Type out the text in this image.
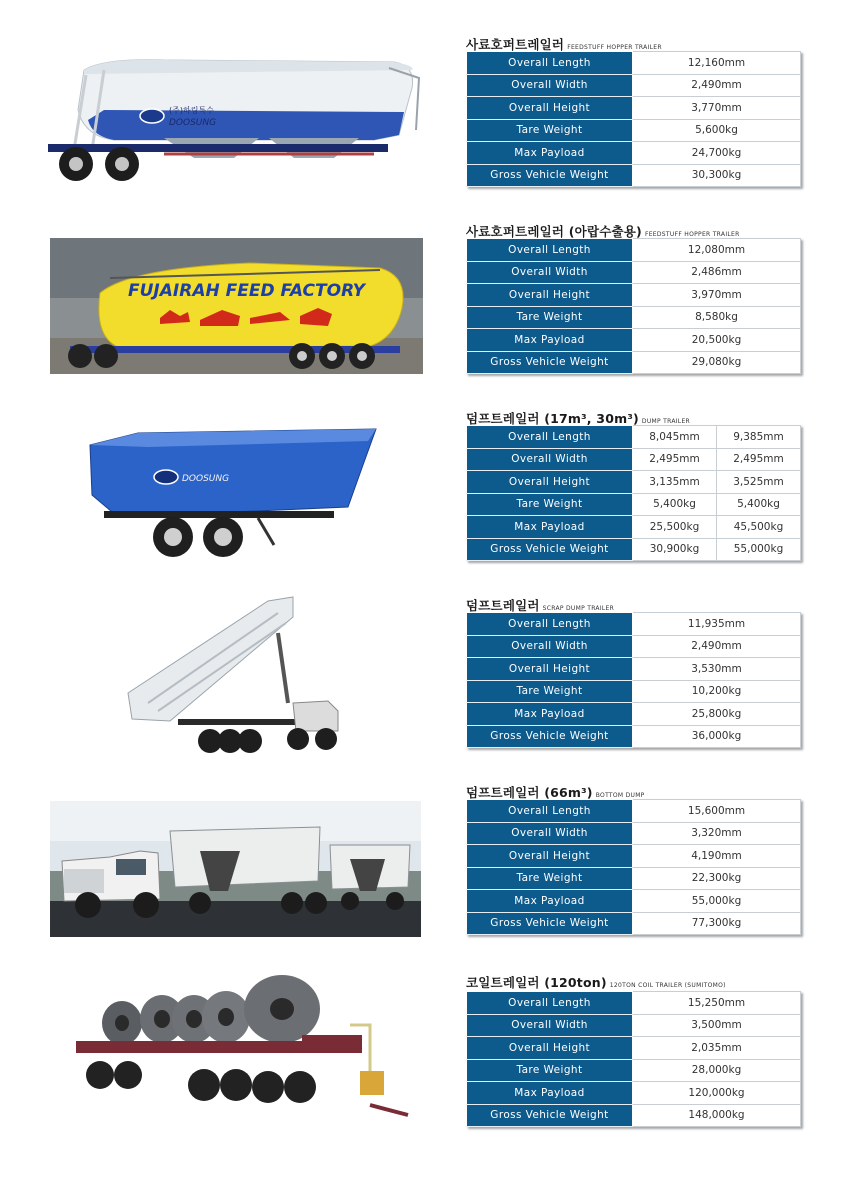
(주)하림특수
DOOSUNG
사료호퍼트레일러 FEEDSTUFF HOPPER TRAILER
Overall Length	12,160mm
Overall Width	2,490mm
Overall Height	3,770mm
Tare Weight	5,600kg
Max Payload	24,700kg
Gross Vehicle Weight	30,300kg
FUJAIRAH FEED FACTORY
사료호퍼트레일러 (아랍수출용) FEEDSTUFF HOPPER TRAILER
Overall Length	12,080mm
Overall Width	2,486mm
Overall Height	3,970mm
Tare Weight	8,580kg
Max Payload	20,500kg
Gross Vehicle Weight	29,080kg
DOOSUNG
덤프트레일러 (17m³, 30m³) DUMP TRAILER
Overall Length	8,045mm	9,385mm
Overall Width	2,495mm	2,495mm
Overall Height	3,135mm	3,525mm
Tare Weight	5,400kg	5,400kg
Max Payload	25,500kg	45,500kg
Gross Vehicle Weight	30,900kg	55,000kg
덤프트레일러 SCRAP DUMP TRAILER
Overall Length	11,935mm
Overall Width	2,490mm
Overall Height	3,530mm
Tare Weight	10,200kg
Max Payload	25,800kg
Gross Vehicle Weight	36,000kg
덤프트레일러 (66m³) BOTTOM DUMP
Overall Length	15,600mm
Overall Width	3,320mm
Overall Height	4,190mm
Tare Weight	22,300kg
Max Payload	55,000kg
Gross Vehicle Weight	77,300kg
코일트레일러 (120ton) 120TON COIL TRAILER (SUMITOMO)
Overall Length	15,250mm
Overall Width	3,500mm
Overall Height	2,035mm
Tare Weight	28,000kg
Max Payload	120,000kg
Gross Vehicle Weight	148,000kg
